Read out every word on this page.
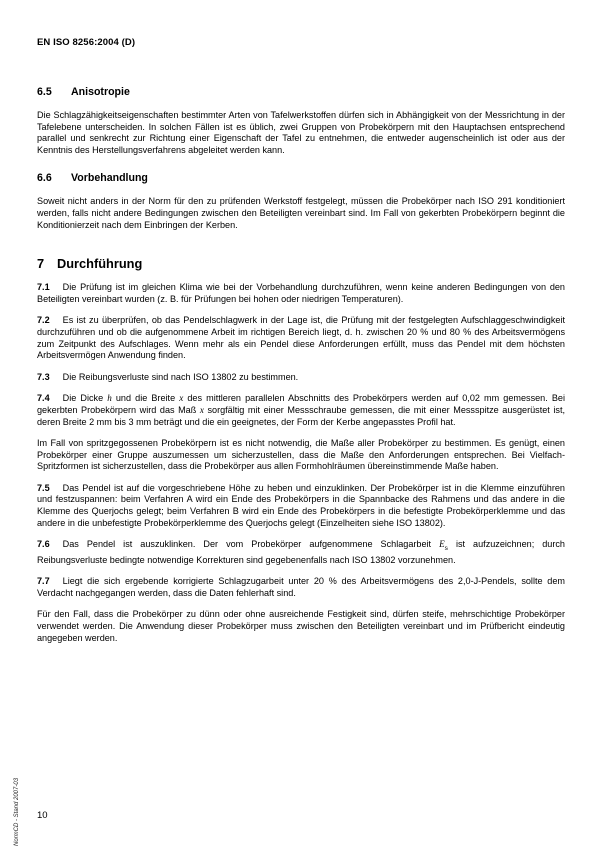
EN ISO 8256:2004 (D)
6.5	Anisotropie

Die Schlagzähigkeitseigenschaften bestimmter Arten von Tafelwerkstoffen dürfen sich in Abhängigkeit von der Messrichtung in der Tafelebene unterscheiden. In solchen Fällen ist es üblich, zwei Gruppen von Probekörpern mit den Hauptachsen entsprechend parallel und senkrecht zur Richtung einer Eigenschaft der Tafel zu entnehmen, die entweder augenscheinlich ist oder aus der Kenntnis des Herstellungsverfahrens abgeleitet werden kann.

6.6	Vorbehandlung

Soweit nicht anders in der Norm für den zu prüfenden Werkstoff festgelegt, müssen die Probekörper nach ISO 291 konditioniert werden, falls nicht andere Bedingungen zwischen den Beteiligten vereinbart sind. Im Fall von gekerbten Probekörpern beginnt die Konditionierzeit nach dem Einbringen der Kerben.

7	Durchführung

7.1 Die Prüfung ist im gleichen Klima wie bei der Vorbehandlung durchzuführen, wenn keine anderen Bedingungen von den Beteiligten vereinbart wurden (z. B. für Prüfungen bei hohen oder niedrigen Temperaturen).

7.2 Es ist zu überprüfen, ob das Pendelschlagwerk in der Lage ist, die Prüfung mit der festgelegten Aufschlaggeschwindigkeit durchzuführen und ob die aufgenommene Arbeit im richtigen Bereich liegt, d. h. zwischen 20 % und 80 % des Arbeitsvermögens zum Zeitpunkt des Aufschlages. Wenn mehr als ein Pendel diese Anforderungen erfüllt, muss das Pendel mit dem höchsten Arbeitsvermögen Anwendung finden.

7.3 Die Reibungsverluste sind nach ISO 13802 zu bestimmen.

7.4 Die Dicke h und die Breite x des mittleren parallelen Abschnitts des Probekörpers werden auf 0,02 mm gemessen. Bei gekerbten Probekörpern wird das Maß x sorgfältig mit einer Messschraube gemessen, die mit einer Messspitze ausgerüstet ist, deren Breite 2 mm bis 3 mm beträgt und die ein geeignetes, der Form der Kerbe angepasstes Profil hat.

Im Fall von spritzgegossenen Probekörpern ist es nicht notwendig, die Maße aller Probekörper zu bestimmen. Es genügt, einen Probekörper einer Gruppe auszumessen um sicherzustellen, dass die Maße den Anforderungen entsprechen. Bei Vielfach-Spritzformen ist sicherzustellen, dass die Probekörper aus allen Formhohlräumen übereinstimmende Maße haben.

7.5 Das Pendel ist auf die vorgeschriebene Höhe zu heben und einzuklinken. Der Probekörper ist in die Klemme einzuführen und festzuspannen: beim Verfahren A wird ein Ende des Probekörpers in die Spannbacke des Rahmens und das andere in die Klemme des Querjochs gelegt; beim Verfahren B wird ein Ende des Probekörpers in die befestigte Probekörperklemme und das andere in die unbefestigte Probekörperklemme des Querjochs gelegt (Einzelheiten siehe ISO 13802).

7.6 Das Pendel ist auszuklinken. Der vom Probekörper aufgenommene Schlagarbeit $E_s$ ist aufzuzeichnen; durch Reibungsverluste bedingte notwendige Korrekturen sind gegebenenfalls nach ISO 13802 vorzunehmen.

7.7 Liegt die sich ergebende korrigierte Schlagzugarbeit unter 20 % des Arbeitsvermögens des 2,0-J-Pendels, sollte dem Verdacht nachgegangen werden, dass die Daten fehlerhaft sind.

Für den Fall, dass die Probekörper zu dünn oder ohne ausreichende Festigkeit sind, dürfen steife, mehrschichtige Probekörper verwendet werden. Die Anwendung dieser Probekörper muss zwischen den Beteiligten vereinbart und im Prüfbericht eindeutig angegeben werden.

NormCD - Stand 2007-03 10
